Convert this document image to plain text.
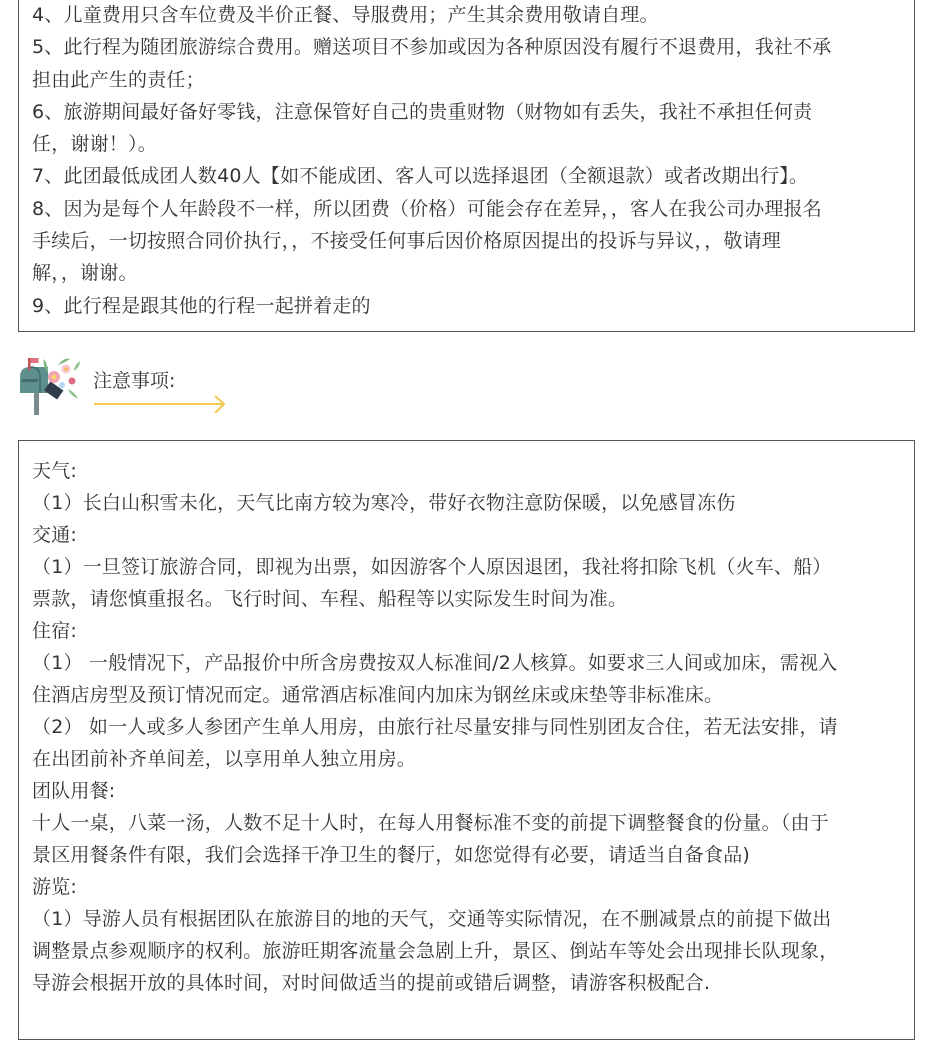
4、儿童费用只含车位费及半价正餐、导服费用；产生其余费用敬请自理。
5、此行程为随团旅游综合费用。赠送项目不参加或因为各种原因没有履行不退费用，我社不承
担由此产生的责任；
6、旅游期间最好备好零钱，注意保管好自己的贵重财物（财物如有丢失，我社不承担任何责
任，谢谢！）。
7、此团最低成团人数40人【如不能成团、客人可以选择退团（全额退款）或者改期出行】。
8、因为是每个人年龄段不一样，所以团费（价格）可能会存在差异，，客人在我公司办理报名
手续后，一切按照合同价执行，，不接受任何事后因价格原因提出的投诉与异议，，敬请理
解，，谢谢。
9、此行程是跟其他的行程一起拼着走的
注意事项:
天气:
（1）长白山积雪未化，天气比南方较为寒冷，带好衣物注意防保暖，以免感冒冻伤
交通:
（1）一旦签订旅游合同，即视为出票，如因游客个人原因退团，我社将扣除飞机（火车、船）
票款，请您慎重报名。飞行时间、车程、船程等以实际发生时间为准。
住宿:
（1） 一般情况下，产品报价中所含房费按双人标准间/2人核算。如要求三人间或加床，需视入
住酒店房型及预订情况而定。通常酒店标准间内加床为钢丝床或床垫等非标准床。
（2） 如一人或多人参团产生单人用房，由旅行社尽量安排与同性别团友合住，若无法安排，请
在出团前补齐单间差，以享用单人独立用房。
团队用餐:
十人一桌，八菜一汤，人数不足十人时，在每人用餐标准不变的前提下调整餐食的份量。（由于
景区用餐条件有限，我们会选择干净卫生的餐厅，如您觉得有必要，请适当自备食品)
游览:
（1）导游人员有根据团队在旅游目的地的天气，交通等实际情况，在不删减景点的前提下做出
调整景点参观顺序的权利。旅游旺期客流量会急剧上升，景区、倒站车等处会出现排长队现象，
导游会根据开放的具体时间，对时间做适当的提前或错后调整，请游客积极配合.
